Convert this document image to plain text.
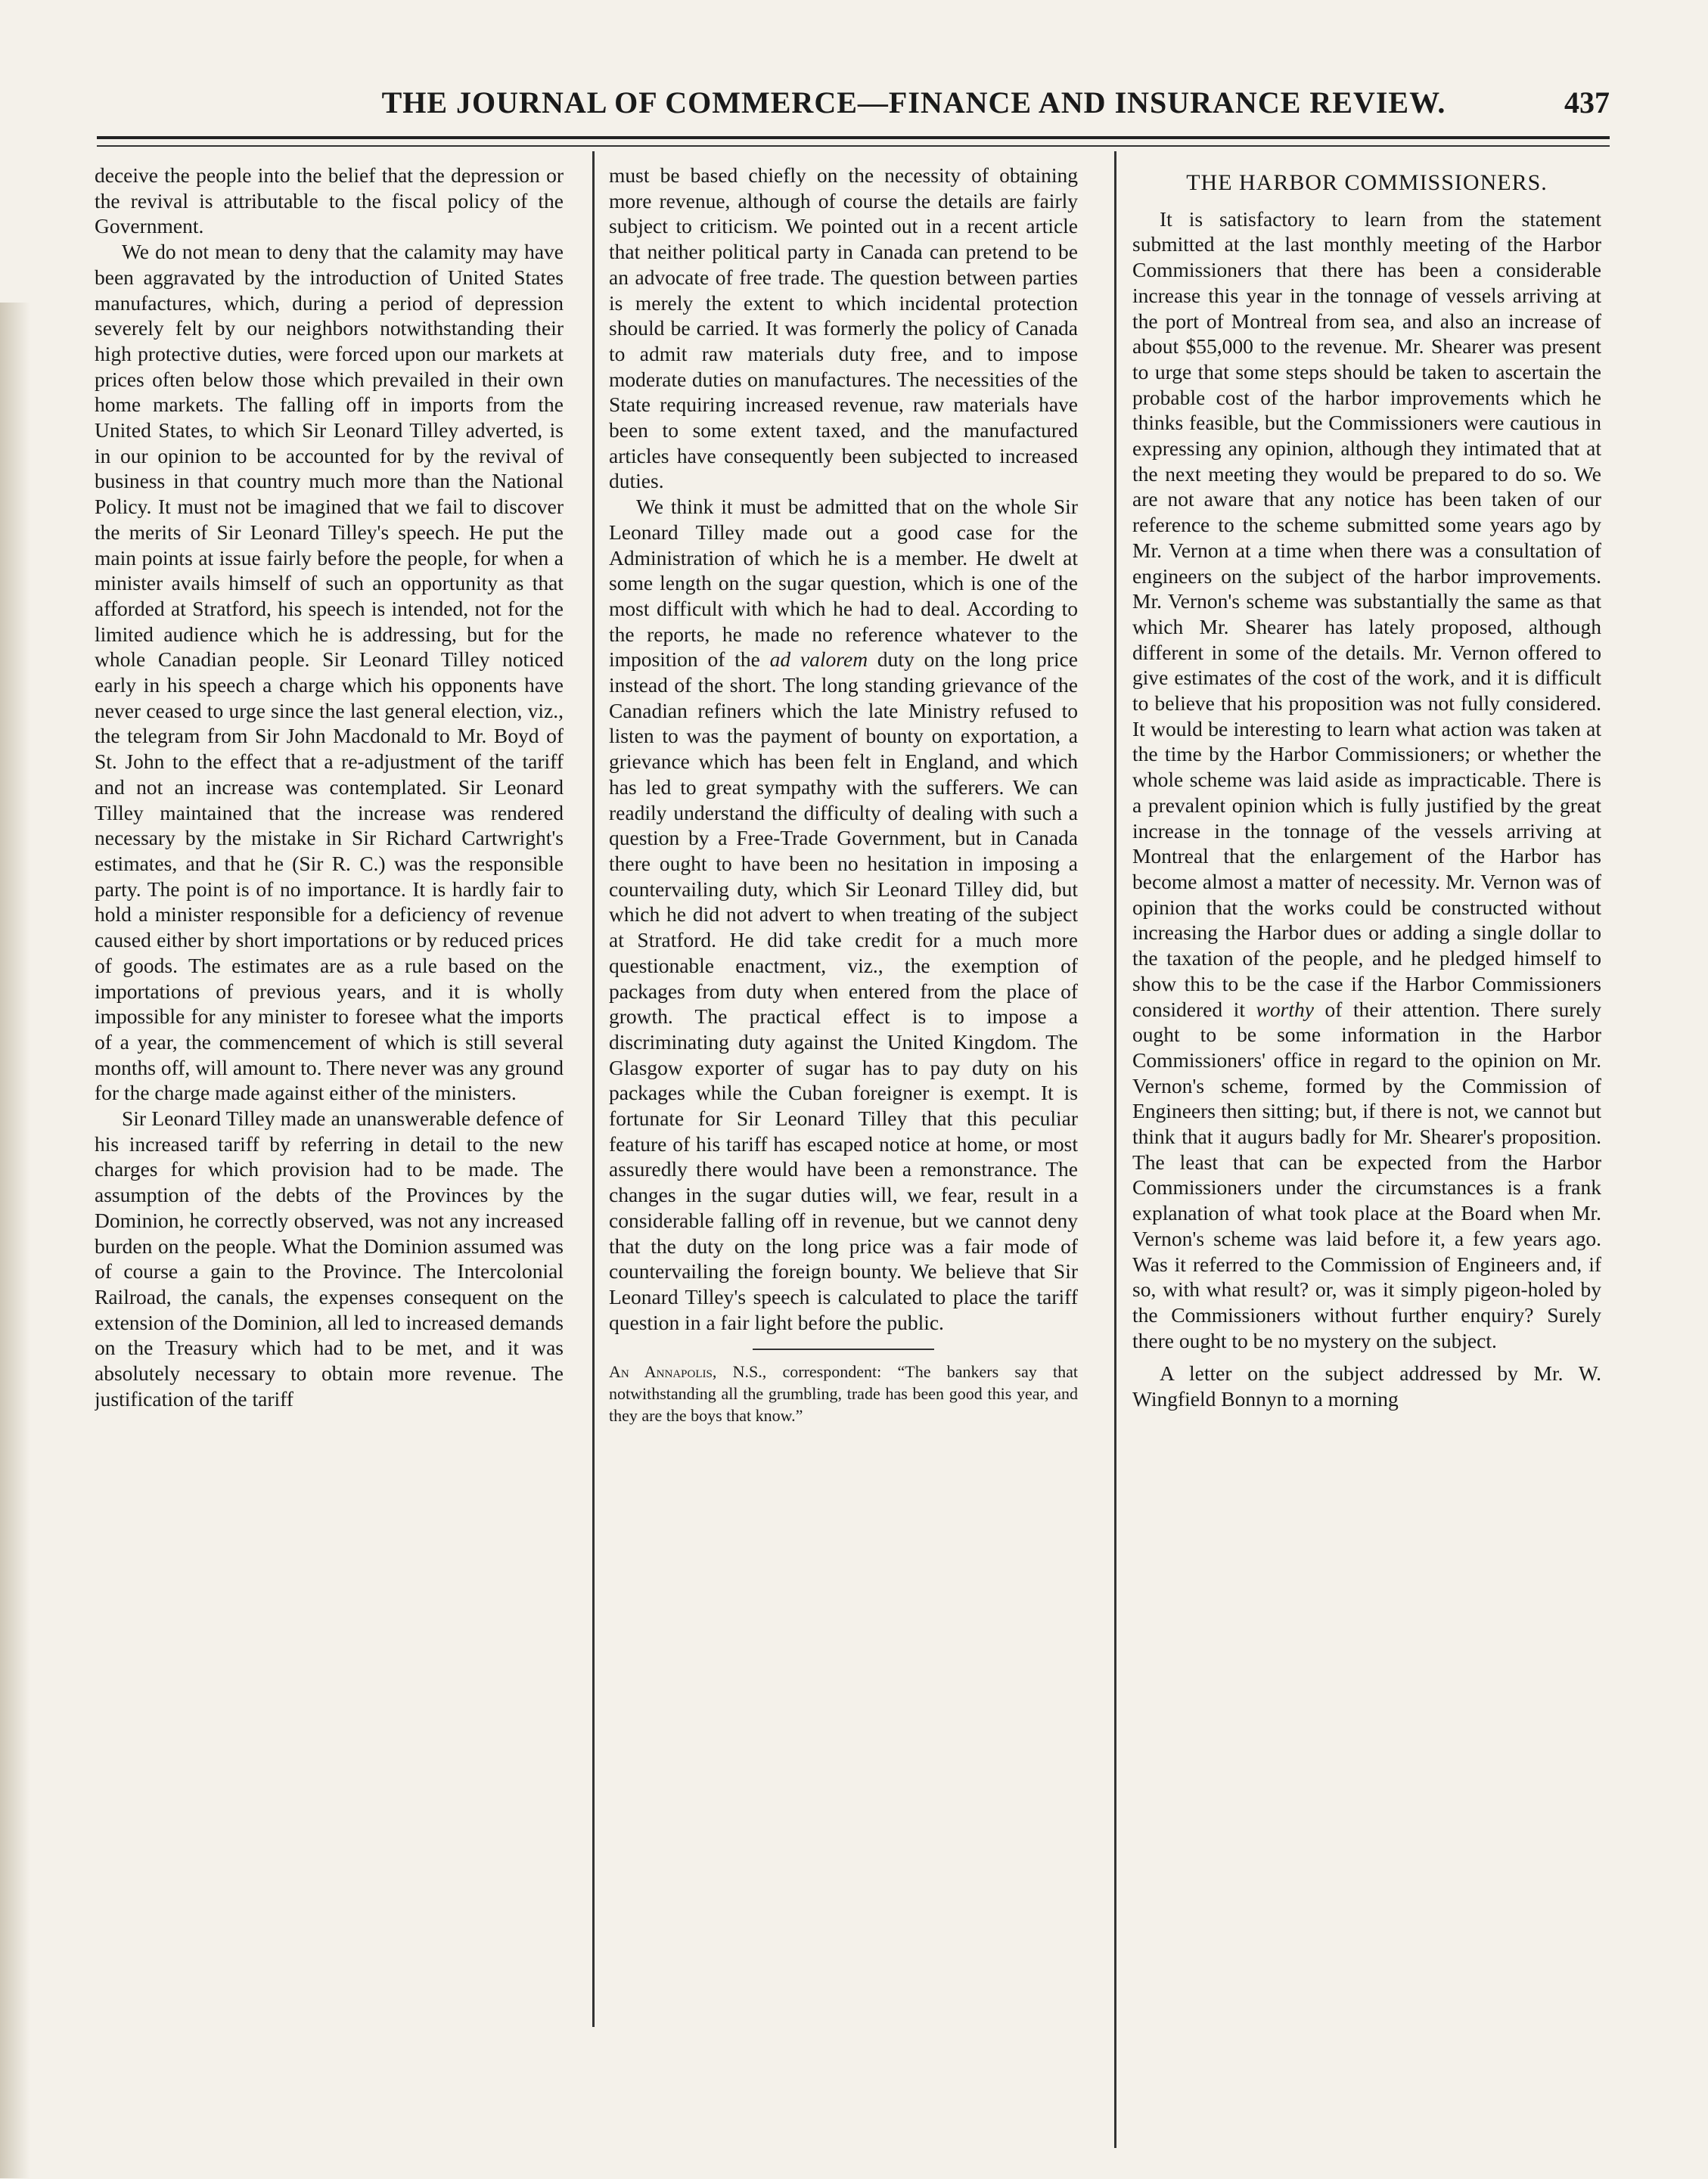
THE JOURNAL OF COMMERCE—FINANCE AND INSURANCE REVIEW.	437

deceive the people into the belief that the depression or the revival is attributable to the fiscal policy of the Government.

We do not mean to deny that the calamity may have been aggravated by the introduction of United States manufactures, which, during a period of depression severely felt by our neighbors notwithstanding their high protective duties, were forced upon our markets at prices often below those which prevailed in their own home markets. The falling off in imports from the United States, to which Sir Leonard Tilley adverted, is in our opinion to be accounted for by the revival of business in that country much more than the National Policy. It must not be imagined that we fail to discover the merits of Sir Leonard Tilley's speech. He put the main points at issue fairly before the people, for when a minister avails himself of such an opportunity as that afforded at Stratford, his speech is intended, not for the limited audience which he is addressing, but for the whole Canadian people. Sir Leonard Tilley noticed early in his speech a charge which his opponents have never ceased to urge since the last general election, viz., the telegram from Sir John Macdonald to Mr. Boyd of St. John to the effect that a re-adjustment of the tariff and not an increase was contemplated. Sir Leonard Tilley maintained that the increase was rendered necessary by the mistake in Sir Richard Cartwright's estimates, and that he (Sir R. C.) was the responsible party. The point is of no importance. It is hardly fair to hold a minister responsible for a deficiency of revenue caused either by short importations or by reduced prices of goods. The estimates are as a rule based on the importations of previous years, and it is wholly impossible for any minister to foresee what the imports of a year, the commencement of which is still several months off, will amount to. There never was any ground for the charge made against either of the ministers.

Sir Leonard Tilley made an unanswerable defence of his increased tariff by referring in detail to the new charges for which provision had to be made. The assumption of the debts of the Provinces by the Dominion, he correctly observed, was not any increased burden on the people. What the Dominion assumed was of course a gain to the Province. The Intercolonial Railroad, the canals, the expenses consequent on the extension of the Dominion, all led to increased demands on the Treasury which had to be met, and it was absolutely necessary to obtain more revenue. The justification of the tariff

must be based chiefly on the necessity of obtaining more revenue, although of course the details are fairly subject to criticism. We pointed out in a recent article that neither political party in Canada can pretend to be an advocate of free trade. The question between parties is merely the extent to which incidental protection should be carried. It was formerly the policy of Canada to admit raw materials duty free, and to impose moderate duties on manufactures. The necessities of the State requiring increased revenue, raw materials have been to some extent taxed, and the manufactured articles have consequently been subjected to increased duties.

We think it must be admitted that on the whole Sir Leonard Tilley made out a good case for the Administration of which he is a member. He dwelt at some length on the sugar question, which is one of the most difficult with which he had to deal. According to the reports, he made no reference whatever to the imposition of the ad valorem duty on the long price instead of the short. The long standing grievance of the Canadian refiners which the late Ministry refused to listen to was the payment of bounty on exportation, a grievance which has been felt in England, and which has led to great sympathy with the sufferers. We can readily understand the difficulty of dealing with such a question by a Free-Trade Government, but in Canada there ought to have been no hesitation in imposing a countervailing duty, which Sir Leonard Tilley did, but which he did not advert to when treating of the subject at Stratford. He did take credit for a much more questionable enactment, viz., the exemption of packages from duty when entered from the place of growth. The practical effect is to impose a discriminating duty against the United Kingdom. The Glasgow exporter of sugar has to pay duty on his packages while the Cuban foreigner is exempt. It is fortunate for Sir Leonard Tilley that this peculiar feature of his tariff has escaped notice at home, or most assuredly there would have been a remonstrance. The changes in the sugar duties will, we fear, result in a considerable falling off in revenue, but we cannot deny that the duty on the long price was a fair mode of countervailing the foreign bounty. We believe that Sir Leonard Tilley's speech is calculated to place the tariff question in a fair light before the public.

An Annapolis, N.S., correspondent: “The bankers say that notwithstanding all the grumbling, trade has been good this year, and they are the boys that know.”

THE HARBOR COMMISSIONERS.

It is satisfactory to learn from the statement submitted at the last monthly meeting of the Harbor Commissioners that there has been a considerable increase this year in the tonnage of vessels arriving at the port of Montreal from sea, and also an increase of about $55,000 to the revenue. Mr. Shearer was present to urge that some steps should be taken to ascertain the probable cost of the harbor improvements which he thinks feasible, but the Commissioners were cautious in expressing any opinion, although they intimated that at the next meeting they would be prepared to do so. We are not aware that any notice has been taken of our reference to the scheme submitted some years ago by Mr. Vernon at a time when there was a consultation of engineers on the subject of the harbor improvements. Mr. Vernon's scheme was substantially the same as that which Mr. Shearer has lately proposed, although different in some of the details. Mr. Vernon offered to give estimates of the cost of the work, and it is difficult to believe that his proposition was not fully considered. It would be interesting to learn what action was taken at the time by the Harbor Commissioners; or whether the whole scheme was laid aside as impracticable. There is a prevalent opinion which is fully justified by the great increase in the tonnage of the vessels arriving at Montreal that the enlargement of the Harbor has become almost a matter of necessity. Mr. Vernon was of opinion that the works could be constructed without increasing the Harbor dues or adding a single dollar to the taxation of the people, and he pledged himself to show this to be the case if the Harbor Commissioners considered it worthy of their attention. There surely ought to be some information in the Harbor Commissioners' office in regard to the opinion on Mr. Vernon's scheme, formed by the Commission of Engineers then sitting; but, if there is not, we cannot but think that it augurs badly for Mr. Shearer's proposition. The least that can be expected from the Harbor Commissioners under the circumstances is a frank explanation of what took place at the Board when Mr. Vernon's scheme was laid before it, a few years ago. Was it referred to the Commission of Engineers and, if so, with what result? or, was it simply pigeon-holed by the Commissioners without further enquiry? Surely there ought to be no mystery on the subject.

A letter on the subject addressed by Mr. W. Wingfield Bonnyn to a morning
